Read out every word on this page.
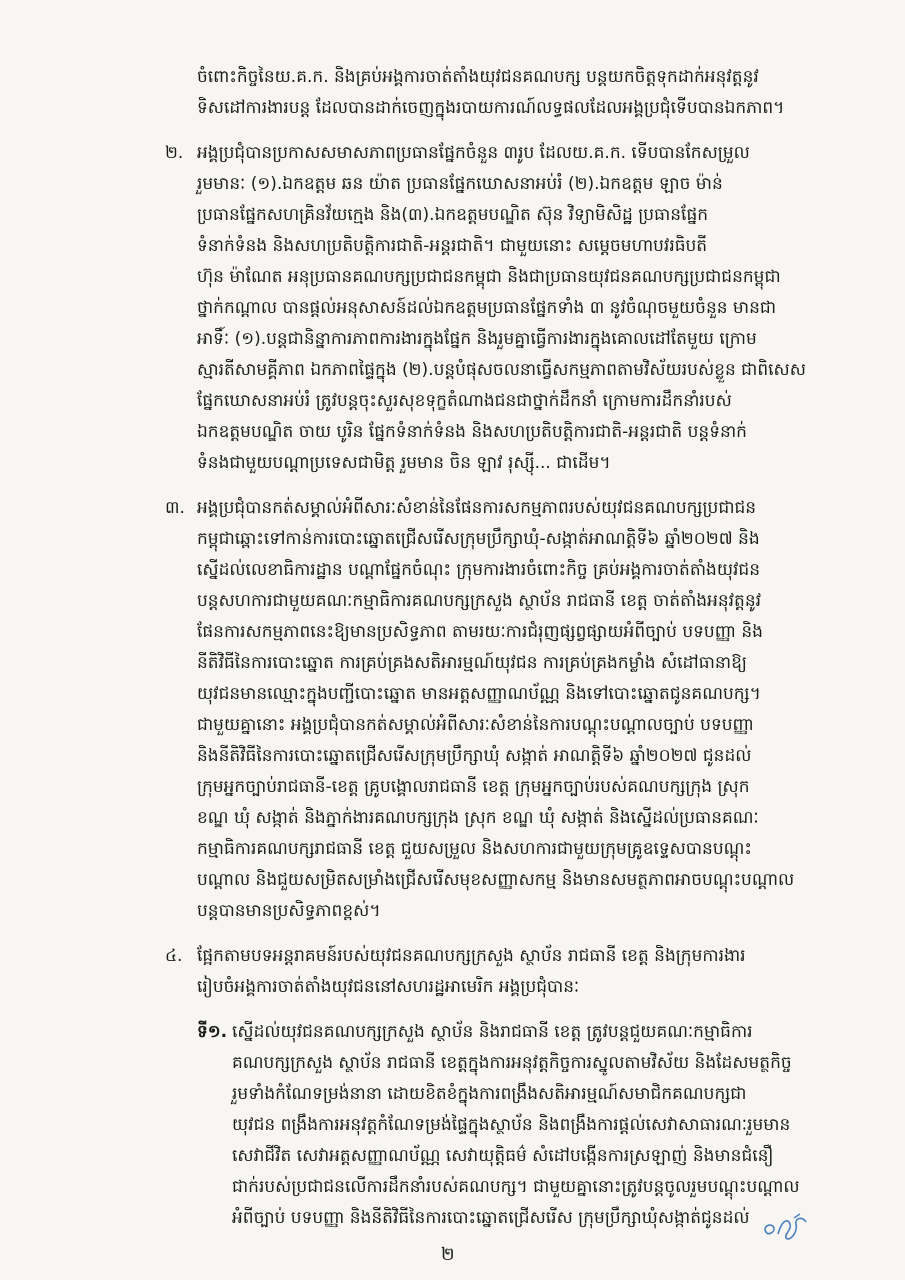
ចំពោះកិច្ចនៃយ.គ.ក. និងគ្រប់អង្គការចាត់តាំងយុវជនគណបក្ស បន្តយកចិត្តទុកដាក់អនុវត្តនូវ
ទិសដៅការងារបន្ត ដែលបានដាក់ចេញក្នុងរបាយការណ៍លទ្ធផលដែលអង្គប្រជុំទើបបានឯកភាព។
២. អង្គប្រជុំបានប្រកាសសមាសភាពប្រធានផ្នែកចំនួន ៣រូប ដែលយ.គ.ក. ទើបបានកែសម្រួល
រួមមានៈ (១).ឯកឧត្តម ឆន យ៉ាត ប្រធានផ្នែកឃោសនាអប់រំ (២).ឯកឧត្តម ឡាច ម៉ាន់
ប្រធានផ្នែកសហគ្រិនវ័យក្មេង និង(៣).ឯកឧត្តមបណ្ឌិត ស៊ុន វិទ្យាមិសិដ្ឋ ប្រធានផ្នែក
ទំនាក់ទំនង និងសហប្រតិបត្តិការជាតិ-អន្តរជាតិ។ ជាមួយនោះ សម្តេចមហាបវរធិបតី
ហ៊ុន ម៉ាណែត អនុប្រធានគណបក្សប្រជាជនកម្ពុជា និងជាប្រធានយុវជនគណបក្សប្រជាជនកម្ពុជា
ថ្នាក់កណ្តាល បានផ្តល់អនុសាសន៍ដល់ឯកឧត្តមប្រធានផ្នែកទាំង ៣ នូវចំណុចមួយចំនួន មានជា
អាទិ៍ៈ (១).បន្តជានិន្នាការភាពការងារក្នុងផ្នែក និងរួមគ្នាធ្វើការងារក្នុងគោលដៅតែមួយ ក្រោម
ស្មារតីសាមគ្គីភាព ឯកភាពផ្ទៃក្នុង (២).បន្តបំផុសចលនាធ្វើសកម្មភាពតាមវិស័យរបស់ខ្លួន ជាពិសេស
ផ្នែកឃោសនាអប់រំ ត្រូវបន្តចុះសួរសុខទុក្ខតំណាងជនជាថ្នាក់ដឹកនាំ ក្រោមការដឹកនាំរបស់
ឯកឧត្តមបណ្ឌិត ចាយ បូរិន ផ្នែកទំនាក់ទំនង និងសហប្រតិបត្តិការជាតិ-អន្តរជាតិ បន្តទំនាក់
ទំនងជាមួយបណ្តាប្រទេសជាមិត្ត រួមមាន ចិន ឡាវ រុស្ស៊ី... ជាដើម។
៣. អង្គប្រជុំបានកត់សម្គាល់អំពីសារៈសំខាន់នៃផែនការសកម្មភាពរបស់យុវជនគណបក្សប្រជាជន
កម្ពុជាឆ្ពោះទៅកាន់ការបោះឆ្នោតជ្រើសរើសក្រុមប្រឹក្សាឃុំ-សង្កាត់អាណត្តិទី៦ ឆ្នាំ២០២៧ និង
ស្នើដល់លេខាធិការដ្ឋាន បណ្តាផ្នែកចំណុះ ក្រុមការងារចំពោះកិច្ច គ្រប់អង្គការចាត់តាំងយុវជន
បន្តសហការជាមួយគណៈកម្មាធិការគណបក្សក្រសួង ស្ថាប័ន រាជធានី ខេត្ត ចាត់តាំងអនុវត្តនូវ
ផែនការសកម្មភាពនេះឱ្យមានប្រសិទ្ធភាព តាមរយៈការជំរុញផ្សព្វផ្សាយអំពីច្បាប់ បទបញ្ញា និង
នីតិវិធីនៃការបោះឆ្នោត ការគ្រប់គ្រងសតិអារម្មណ៍យុវជន ការគ្រប់គ្រងកម្លាំង សំដៅធានាឱ្យ
យុវជនមានឈ្មោះក្នុងបញ្ជីបោះឆ្នោត មានអត្តសញ្ញាណប័ណ្ណ និងទៅបោះឆ្នោតជូនគណបក្ស។
ជាមួយគ្នានោះ អង្គប្រជុំបានកត់សម្គាល់អំពីសារៈសំខាន់នៃការបណ្តុះបណ្តាលច្បាប់ បទបញ្ញា
និងនីតិវិធីនៃការបោះឆ្នោតជ្រើសរើសក្រុមប្រឹក្សាឃុំ សង្កាត់ អាណត្តិទី៦ ឆ្នាំ២០២៧ ជូនដល់
ក្រុមអ្នកច្បាប់រាជធានី-ខេត្ត គ្រូបង្គោលរាជធានី ខេត្ត ក្រុមអ្នកច្បាប់របស់គណបក្សក្រុង ស្រុក
ខណ្ឌ ឃុំ សង្កាត់ និងភ្នាក់ងារគណបក្សក្រុង ស្រុក ខណ្ឌ ឃុំ សង្កាត់ និងស្នើដល់ប្រធានគណៈ
កម្មាធិការគណបក្សរាជធានី ខេត្ត ជួយសម្រួល និងសហការជាមួយក្រុមគ្រូឧទ្ទេសបានបណ្តុះ
បណ្តាល និងជួយសម្រិតសម្រាំងជ្រើសរើសមុខសញ្ញាសកម្ម និងមានសមត្ថភាពអាចបណ្តុះបណ្តាល
បន្តបានមានប្រសិទ្ធភាពខ្ពស់។
៤. ផ្អែកតាមបទអន្តរាគមន៍របស់យុវជនគណបក្សក្រសួង ស្ថាប័ន រាជធានី ខេត្ត និងក្រុមការងារ
រៀបចំអង្គការចាត់តាំងយុវជននៅសហរដ្ឋអាមេរិក អង្គប្រជុំបានៈ
ទី១. ស្នើដល់យុវជនគណបក្សក្រសួង ស្ថាប័ន និងរាជធានី ខេត្ត ត្រូវបន្តជួយគណៈកម្មាធិការ
គណបក្សក្រសួង ស្ថាប័ន រាជធានី ខេត្តក្នុងការអនុវត្តកិច្ចការស្នូលតាមវិស័យ និងដែសមត្ថកិច្ច
រួមទាំងកំណែទម្រង់នានា ដោយខិតខំក្នុងការពង្រឹងសតិអារម្មណ៍សមាជិកគណបក្សជា
យុវជន ពង្រឹងការអនុវត្តកំណែទម្រង់ផ្ទៃក្នុងស្ថាប័ន និងពង្រឹងការផ្តល់សេវាសាធារណៈរួមមាន
សេវាជីវិត សេវាអត្តសញ្ញាណប័ណ្ណ សេវាយុត្តិធម៌ សំដៅបង្កើនការស្រឡាញ់ និងមានជំនឿ
ជាក់របស់ប្រជាជនលើការដឹកនាំរបស់គណបក្ស។ ជាមួយគ្នានោះត្រូវបន្តចូលរួមបណ្តុះបណ្តាល
អំពីច្បាប់ បទបញ្ញា និងនីតិវិធីនៃការបោះឆ្នោតជ្រើសរើស ក្រុមប្រឹក្សាឃុំសង្កាត់ជូនដល់
២
